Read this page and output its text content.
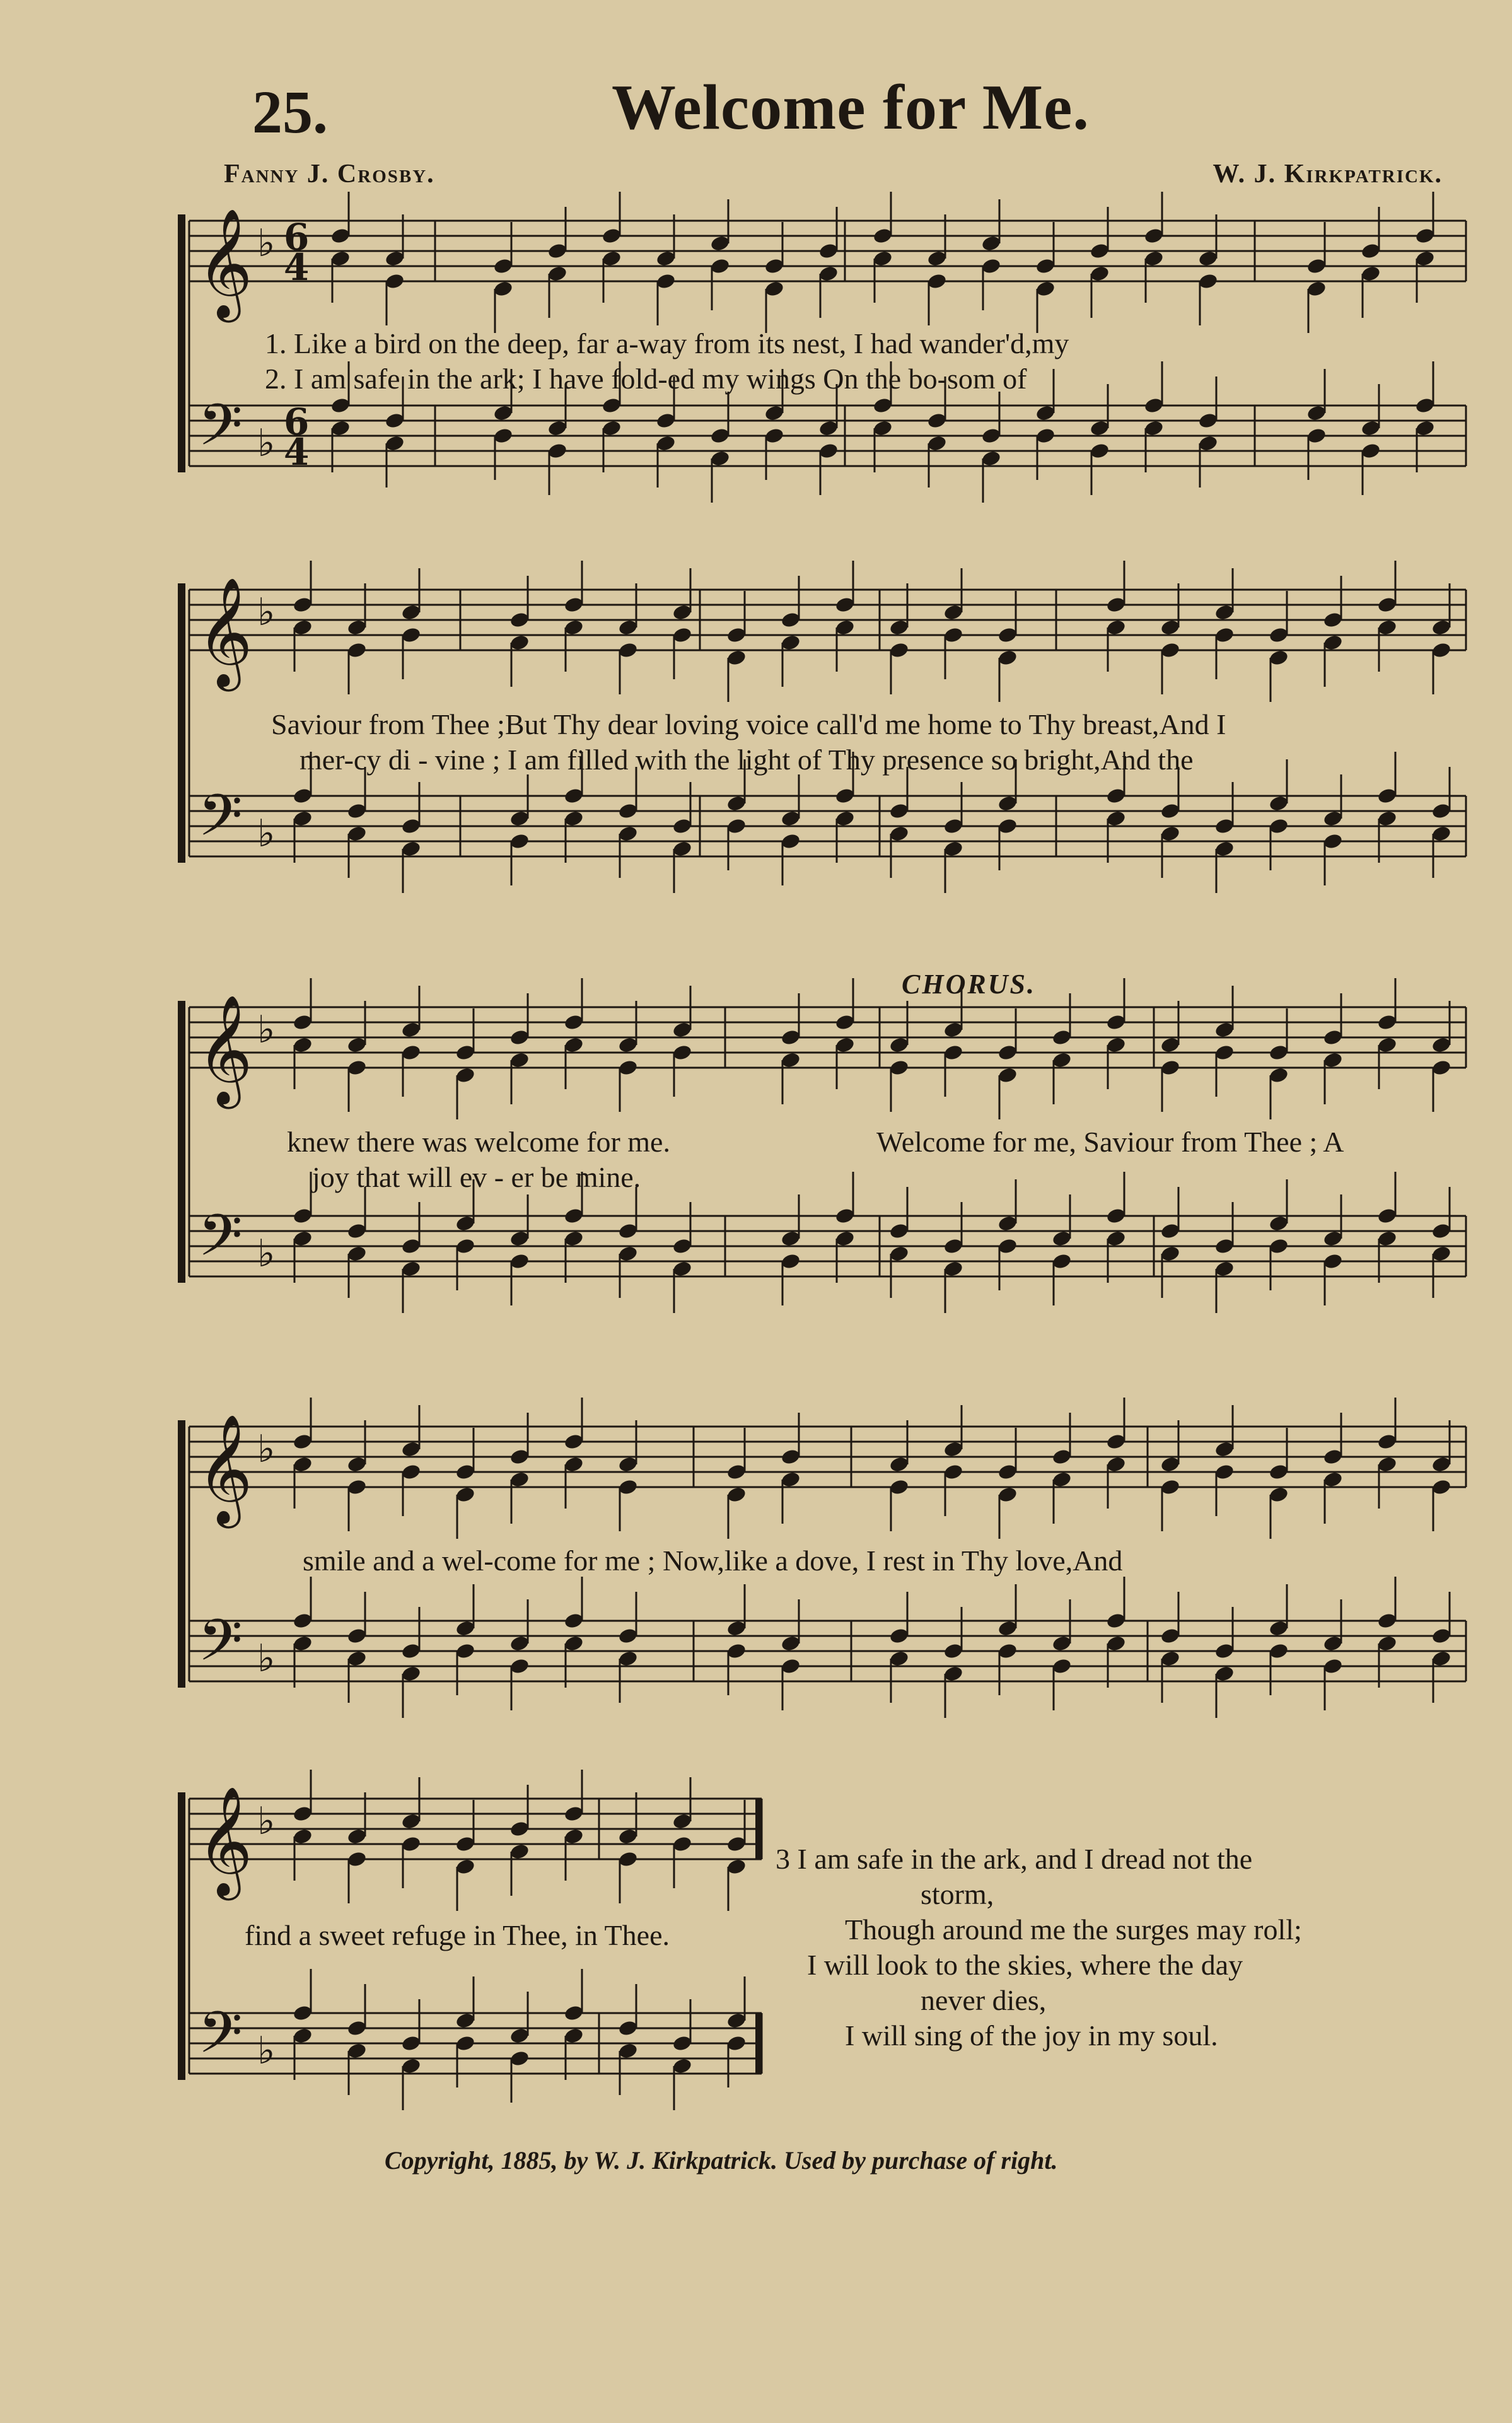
25.	Welcome for Me.
Fanny J. Crosby.	W. J. Kirkpatrick.
𝄞
𝄢
♭
♭
6
4
6
4
𝄞
𝄢
♭
♭
𝄞
𝄢
♭
♭
𝄞
𝄢
♭
♭
𝄞
𝄢
♭
♭
1. Like a bird on the deep, far a-way from its nest, I had wander'd,my
2. I am safe in the ark; I have fold-ed my wings On the bo-som of
Saviour from Thee ;But Thy dear loving voice call'd me home to Thy breast,And I
mer-cy di - vine ; I am filled with the light of Thy presence so bright,And the
CHORUS.
knew there was welcome for me.
joy that will ev - er be mine.
Welcome for me, Saviour from Thee ; A
smile and a wel-come for me ; Now,like a dove, I rest in Thy love,And
find a sweet refuge in Thee, in Thee.
3 I am safe in the ark, and I dread not the
storm,
Though around me the surges may roll;
I will look to the skies, where the day
never dies,
I will sing of the joy in my soul.
Copyright, 1885, by W. J. Kirkpatrick. Used by purchase of right.
